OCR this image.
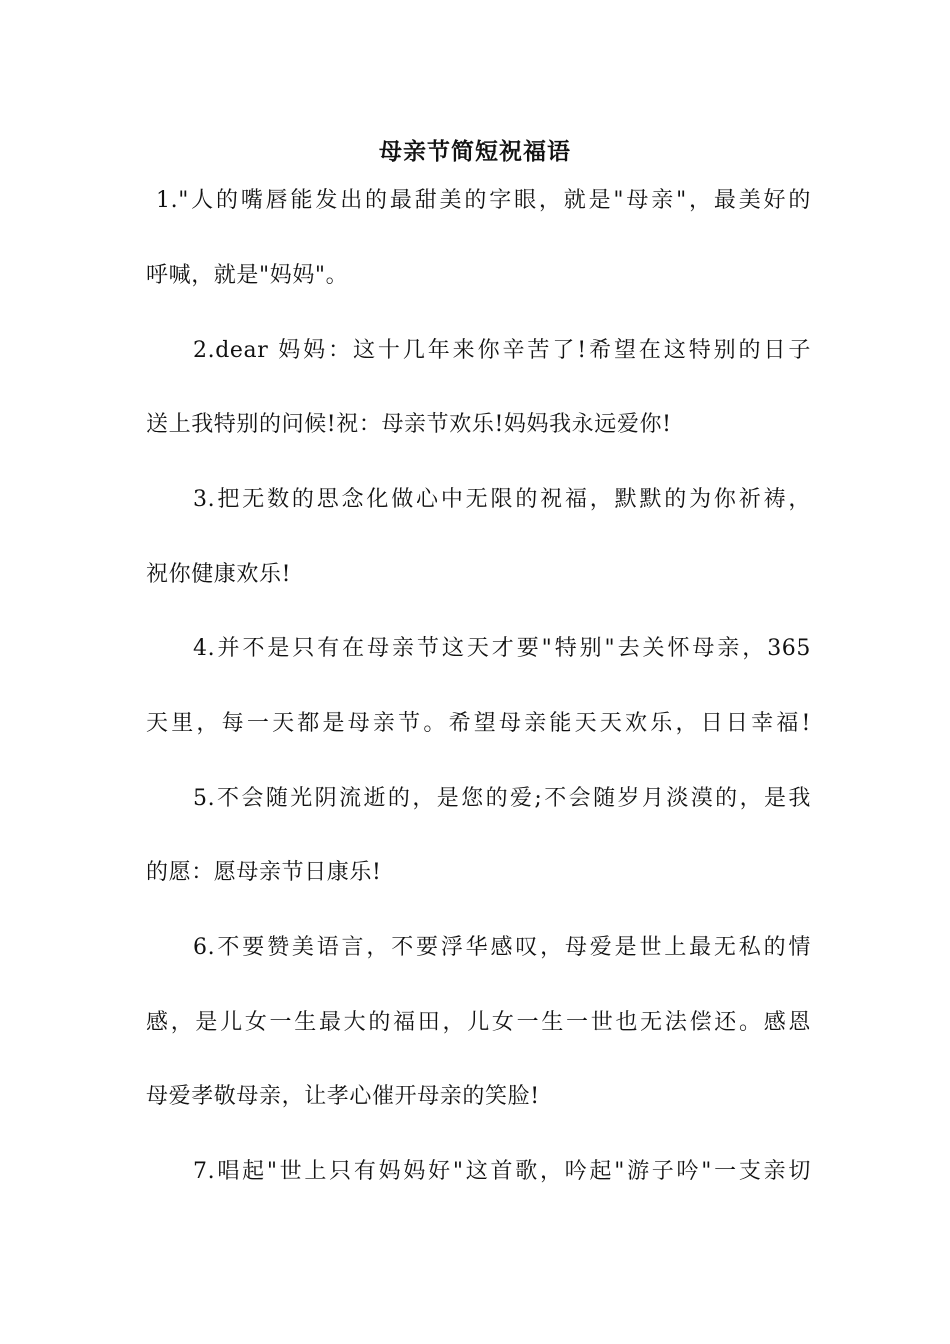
母亲节简短祝福语
1."人的嘴唇能发出的最甜美的字眼，就是"母亲"，最美好的
呼喊，就是"妈妈"。
2.dear 妈妈：这十几年来你辛苦了!希望在这特别的日子
送上我特别的问候!祝：母亲节欢乐!妈妈我永远爱你!
3.把无数的思念化做心中无限的祝福，默默的为你祈祷，
祝你健康欢乐!
4.并不是只有在母亲节这天才要"特别"去关怀母亲，365
天里，每一天都是母亲节。希望母亲能天天欢乐，日日幸福!
5.不会随光阴流逝的，是您的爱;不会随岁月淡漠的，是我
的愿：愿母亲节日康乐!
6.不要赞美语言，不要浮华感叹，母爱是世上最无私的情
感，是儿女一生最大的福田，儿女一生一世也无法偿还。感恩
母爱孝敬母亲，让孝心催开母亲的笑脸!
7.唱起"世上只有妈妈好"这首歌，吟起"游子吟"一支亲切
